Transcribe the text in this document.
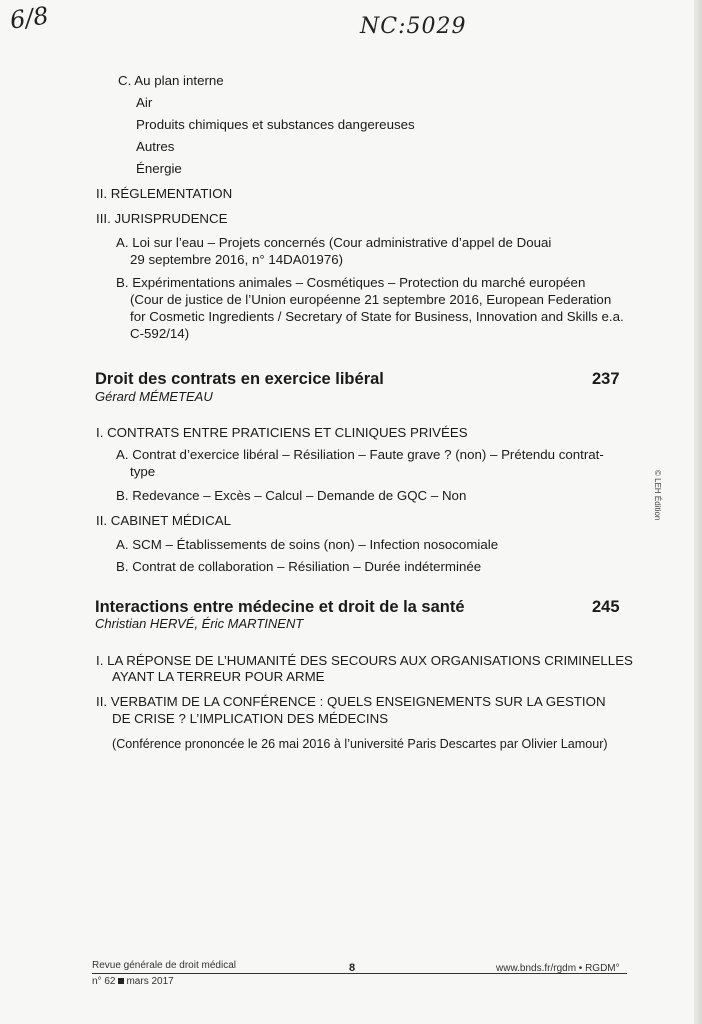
6/8	NC:5029
C. Au plan interne
Air
Produits chimiques et substances dangereuses
Autres
Énergie
II. RÉGLEMENTATION
III. JURISPRUDENCE
A. Loi sur l’eau – Projets concernés (Cour administrative d’appel de Douai
29 septembre 2016, n° 14DA01976)
B. Expérimentations animales – Cosmétiques – Protection du marché européen
(Cour de justice de l’Union européenne 21 septembre 2016, European Federation
for Cosmetic Ingredients / Secretary of State for Business, Innovation and Skills e.a.
C-592/14)
Droit des contrats en exercice libéral	237
Gérard MÉMETEAU
I. CONTRATS ENTRE PRATICIENS ET CLINIQUES PRIVÉES
A. Contrat d’exercice libéral – Résiliation – Faute grave ? (non) – Prétendu contrat-
type
B. Redevance – Excès – Calcul – Demande de GQC – Non
II. CABINET MÉDICAL
A. SCM – Établissements de soins (non) – Infection nosocomiale
B. Contrat de collaboration – Résiliation – Durée indéterminée
Interactions entre médecine et droit de la santé	245
Christian HERVÉ, Éric MARTINENT
I. LA RÉPONSE DE L’HUMANITÉ DES SECOURS AUX ORGANISATIONS CRIMINELLES
AYANT LA TERREUR POUR ARME
II. VERBATIM DE LA CONFÉRENCE : QUELS ENSEIGNEMENTS SUR LA GESTION
DE CRISE ? L’IMPLICATION DES MÉDECINS
(Conférence prononcée le 26 mai 2016 à l’université Paris Descartes par Olivier Lamour)
© LEH Édition
Revue générale de droit médical
n° 62 mars 2017
8	www.bnds.fr/rgdm • RGDM°
